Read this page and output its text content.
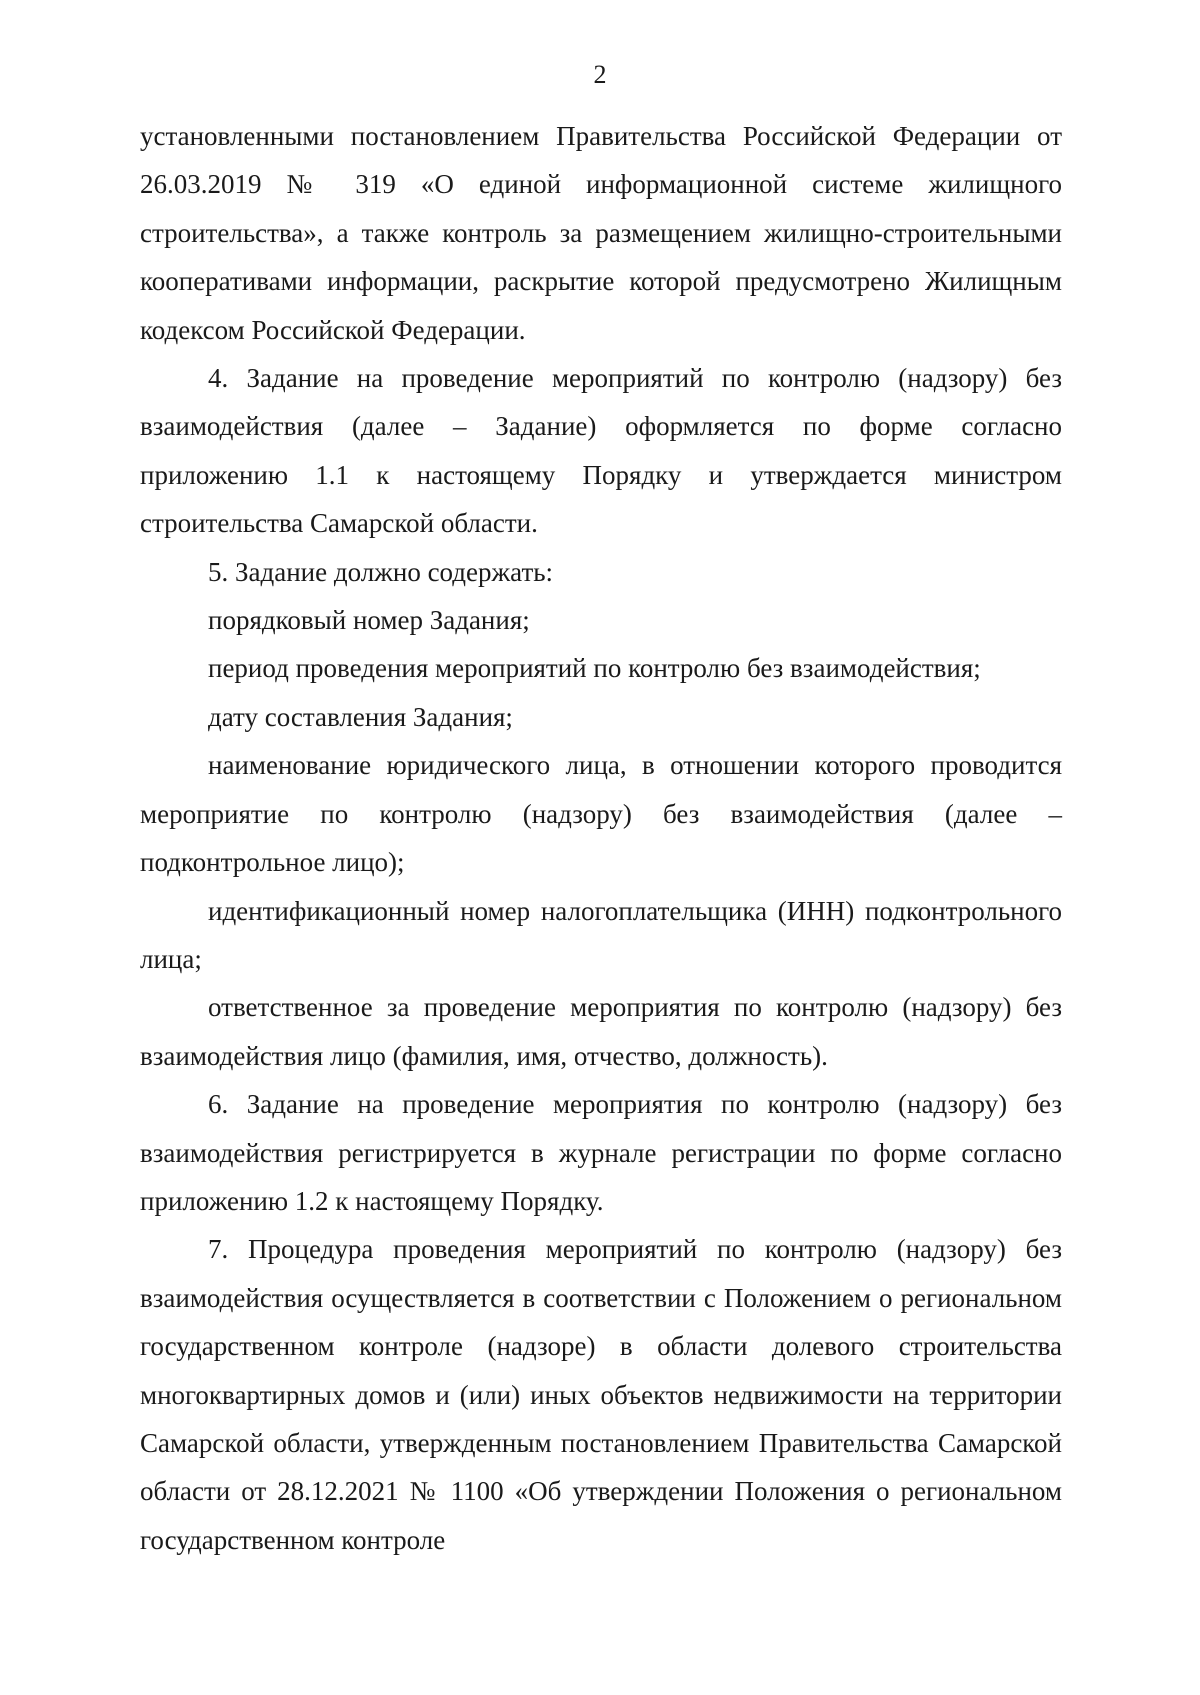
2

установленными постановлением Правительства Российской Федерации от 26.03.2019 № 319 «О единой информационной системе жилищного строительства», а также контроль за размещением жилищно-строительными кооперативами информации, раскрытие которой предусмотрено Жилищным кодексом Российской Федерации.

4. Задание на проведение мероприятий по контролю (надзору) без взаимодействия (далее – Задание) оформляется по форме согласно приложению 1.1 к настоящему Порядку и утверждается министром строительства Самарской области.

5. Задание должно содержать:

порядковый номер Задания;

период проведения мероприятий по контролю без взаимодействия;

дату составления Задания;

наименование юридического лица, в отношении которого проводится мероприятие по контролю (надзору) без взаимодействия (далее – подконтрольное лицо);

идентификационный номер налогоплательщика (ИНН) подконтрольного лица;

ответственное за проведение мероприятия по контролю (надзору) без взаимодействия лицо (фамилия, имя, отчество, должность).

6. Задание на проведение мероприятия по контролю (надзору) без взаимодействия регистрируется в журнале регистрации по форме согласно приложению 1.2 к настоящему Порядку.

7. Процедура проведения мероприятий по контролю (надзору) без взаимодействия осуществляется в соответствии с Положением о региональном государственном контроле (надзоре) в области долевого строительства многоквартирных домов и (или) иных объектов недвижимости на территории Самарской области, утвержденным постановлением Правительства Самарской области от 28.12.2021 № 1100 «Об утверждении Положения о региональном государственном контроле
